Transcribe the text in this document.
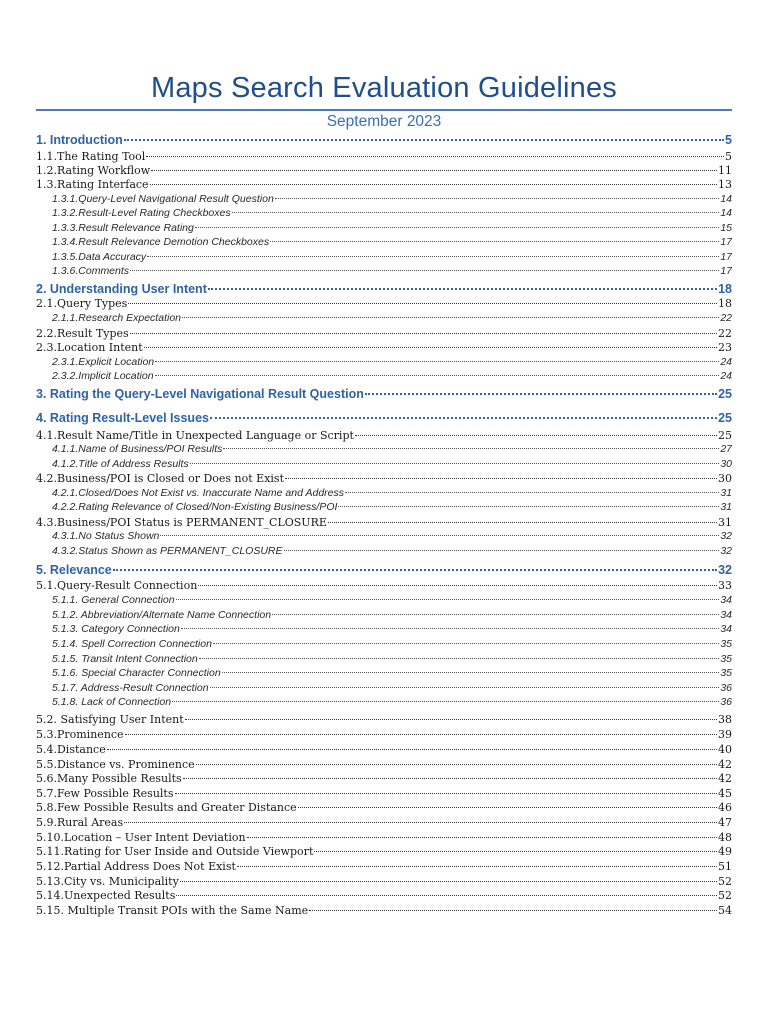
Maps Search Evaluation Guidelines
September 2023
1. Introduction	5
1.1.The Rating Tool	5
1.2.Rating Workflow	11
1.3.Rating Interface	13
1.3.1.Query-Level Navigational Result Question	14
1.3.2.Result-Level Rating Checkboxes	14
1.3.3.Result Relevance Rating	15
1.3.4.Result Relevance Demotion Checkboxes	17
1.3.5.Data Accuracy	17
1.3.6.Comments	17
2. Understanding User Intent	18
2.1.Query Types	18
2.1.1.Research Expectation	22
2.2.Result Types	22
2.3.Location Intent	23
2.3.1.Explicit Location	24
2.3.2.Implicit Location	24
3. Rating the Query-Level Navigational Result Question	25
4. Rating Result-Level Issues	25
4.1.Result Name/Title in Unexpected Language or Script	25
4.1.1.Name of Business/POI Results	27
4.1.2.Title of Address Results	30
4.2.Business/POI is Closed or Does not Exist	30
4.2.1.Closed/Does Not Exist vs. Inaccurate Name and Address	31
4.2.2.Rating Relevance of Closed/Non-Existing Business/POI	31
4.3.Business/POI Status is PERMANENT_CLOSURE	31
4.3.1.No Status Shown	32
4.3.2.Status Shown as PERMANENT_CLOSURE	32
5. Relevance	32
5.1.Query-Result Connection	33
5.1.1. General Connection	34
5.1.2. Abbreviation/Alternate Name Connection	34
5.1.3. Category Connection	34
5.1.4. Spell Correction Connection	35
5.1.5. Transit Intent Connection	35
5.1.6. Special Character Connection	35
5.1.7. Address-Result Connection	36
5.1.8. Lack of Connection	36
5.2. Satisfying User Intent	38
5.3.Prominence	39
5.4.Distance	40
5.5.Distance vs. Prominence	42
5.6.Many Possible Results	42
5.7.Few Possible Results	45
5.8.Few Possible Results and Greater Distance	46
5.9.Rural Areas	47
5.10.Location – User Intent Deviation	48
5.11.Rating for User Inside and Outside Viewport	49
5.12.Partial Address Does Not Exist	51
5.13.City vs. Municipality	52
5.14.Unexpected Results	52
5.15. Multiple Transit POIs with the Same Name	54
